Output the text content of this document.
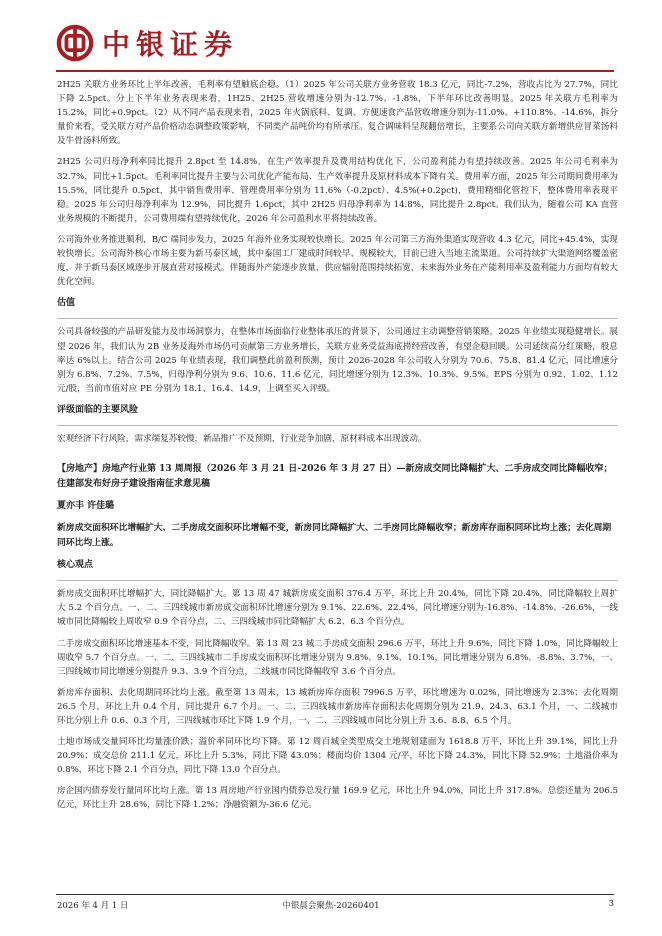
中银证券

2H25 关联方业务环比上半年改善，毛利率有望触底企稳。（1）2025 年公司关联方业务营收 18.3 亿元，同比-7.2%，营收占比为 27.7%，同比下降 2.5pct。分上下半年业务表现来看，1H25、2H25 营收增速分别为-12.7%、-1.8%，下半年环比改善明显。2025 年关联方毛利率为 15.2%，同比+0.9pct。（2）从不同产品表现来看，2025 年火锅底料、复调、方便速食产品营收增速分别为-11.0%、+110.8%、-14.6%，拆分量价来看，受关联方对产品价格动态调整政策影响，不同类产品吨价均有所承压。复合调味料呈现翻倍增长，主要系公司向关联方新增供应冒菜汤料及牛骨汤料所致。

2H25 公司归母净利率同比提升 2.8pct 至 14.8%，在生产效率提升及费用结构优化下，公司盈利能力有望持续改善。2025 年公司毛利率为 32.7%，同比+1.5pct。毛利率同比提升主要与公司优化产能布局、生产效率提升及原材料成本下降有关。费用率方面，2025 年公司期间费用率为 15.5%，同比提升 0.5pct，其中销售费用率、管理费用率分别为 11.6%（-0.2pct）、4.5%(+0.2pct)，费用精细化管控下，整体费用率表现平稳。2025 年公司归母净利率为 12.9%，同比提升 1.6pct，其中 2H25 归母净利率为 14.8%，同比提升 2.8pct。我们认为，随着公司 KA 直营业务规模的不断提升，公司费用端有望持续优化，2026 年公司盈利水平将持续改善。

公司海外业务推进顺利，B/C 端同步发力，2025 年海外业务实现较快增长。2025 年公司第三方海外渠道实现营收 4.3 亿元，同比+45.4%，实现较快增长。公司海外核心市场主要为新马泰区域，其中泰国工厂建成时间较早、规模较大，目前已进入当地主流渠道。公司持续扩大渠道网络覆盖密度，并于新马泰区域逐步开展直营对接模式。伴随海外产能逐步放量，供应辐射范围持续拓宽，未来海外业务在产能利用率及盈利能力方面均有较大优化空间。

估值

公司具备较强的产品研发能力及市场洞察力，在整体市场面临行业整体承压的背景下，公司通过主动调整营销策略，2025 年业绩实现稳健增长。展望 2026 年，我们认为 2B 业务及海外市场仍可贡献第三方业务增长，关联方业务受益海底捞经营改善，有望企稳回暖。公司延续高分红策略，股息率达 6%以上。结合公司 2025 年业绩表现，我们调整此前盈利预测，预计 2026-2028 年公司收入分别为 70.6、75.8、81.4 亿元，同比增速分别为 6.8%、7.2%、7.5%，归母净利分别为 9.6、10.6、11.6 亿元，同比增速分别为 12.3%、10.3%、9.5%。EPS 分别为 0.92、1.02、1.12 元/股，当前市值对应 PE 分别为 18.1、16.4、14.9，上调至买入评级。

评级面临的主要风险

宏观经济下行风险，需求端复苏较慢，新品推广不及预期，行业竞争加剧，原材料成本出现波动。

【房地产】房地产行业第 13 周周报（2026 年 3 月 21 日-2026 年 3 月 27 日）—新房成交同比降幅扩大、二手房成交同比降幅收窄；住建部发布好房子建设指南征求意见稿
夏亦丰 许佳璐
新房成交面积环比增幅扩大、二手房成交面积环比增幅不变，新房同比降幅扩大、二手房同比降幅收窄；新房库存面积同环比均上涨；去化周期同环比均上涨。
核心观点

新房成交面积环比增幅扩大，同比降幅扩大。第 13 周 47 城新房成交面积 376.4 万平，环比上升 20.4%，同比下降 20.4%，同比降幅较上周扩大 5.2 个百分点。一、二、三四线城市新房成交面积环比增速分别为 9.1%、22.6%、22.4%，同比增速分别为-16.8%、-14.8%、-26.6%，一线城市同比降幅较上周收窄 0.9 个百分点，二、三四线城市同比降幅扩大 6.2、6.3 个百分点。

二手房成交面积环比增速基本不变，同比降幅收窄。第 13 周 23 城二手房成交面积 296.6 万平，环比上升 9.6%，同比下降 1.0%，同比降幅较上周收窄 5.7 个百分点。一、二、三四线城市二手房成交面积环比增速分别为 9.8%、9.1%、10.1%，同比增速分别为 6.8%、-8.8%、3.7%，一、三四线城市同比增速分别提升 9.3、3.9 个百分点，二线城市同比降幅收窄 3.6 个百分点。

新房库存面积、去化周期同环比均上涨。截至第 13 周末，13 城新房库存面积 7996.5 万平，环比增速为 0.02%，同比增速为 2.3%；去化周期 26.5 个月，环比上升 0.4 个月，同比提升 6.7 个月。一、二、三四线城市新房库存面积去化周期分别为 21.9、24.3、63.1 个月，一、二线城市环比分别上升 0.6、0.3 个月，三四线城市环比下降 1.9 个月，一、二、三四线城市同比分别上升 3.6、8.8、6.5 个月。

土地市场成交量同环比均量涨价跌；溢价率同环比均下降。第 12 周百城全类型成交土地规划建面为 1618.8 万平，环比上升 39.1%，同比上升 20.9%；成交总价 211.1 亿元，环比上升 5.3%，同比下降 43.0%；楼面均价 1304 元/平，环比下降 24.3%，同比下降 52.9%；土地溢价率为 0.8%，环比下降 2.1 个百分点，同比下降 13.0 个百分点。

房企国内债券发行量同环比均上涨。第 13 周房地产行业国内债券总发行量 169.9 亿元，环比上升 94.0%，同比上升 317.8%。总偿还量为 206.5 亿元，环比上升 28.6%，同比下降 1.2%；净融资额为-36.6 亿元。

2026 年 4 月 1 日	中银晨会聚焦-20260401	3
